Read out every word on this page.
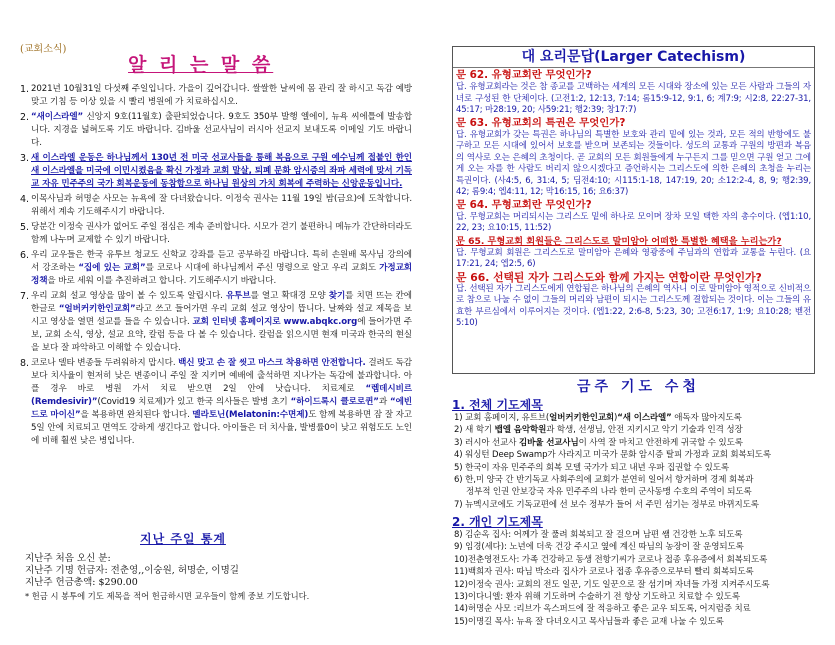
(교회소식)
알 리 는 말 씀
1. 2021년 10월31일 다섯째 주일입니다. 가을이 깊어갑니다. 쌀쌀한 날씨에 몸 관리 잘 하시고 독감 예방 맞고 기침 등 이상 있을 시 빨리 병원에 가 치료하십시오.
2. “새이스라엘” 신앙지 9호(11월호) 출판되었습니다. 9호도 350부 발행 엘에이, 뉴욕 씨에틀에 발송합니다. 지경을 넓혀도록 기도 바랍니다. 김바울 선교사님이 러시아 선교지 보내도록 이메일 기도 바랍니다.
3. 새 이스라엘 운동은 하나님께서 130년 전 미국 선교사들을 통해 복음으로 구원 예수님께 접붙인 한인 새 이스라엘을 미국에 이민시켰음을 확신 가정과 교회 말살, 퇴폐 문화 암시증의 좌파 세력에 맞서 기독교 자유 민주주의 국가 회복운동에 동참함으로 하나님 원상의 가치 회복에 주력하는 신앙운동입니다.
4. 이목사님과 허명순 사모는 뉴욕에 잘 다녀왔습니다. 이정숙 권사는 11월 19일 밤(금요)에 도착합니다. 위해서 계속 기도해주시기 바랍니다.
5. 당분간 이정숙 권사가 없어도 주일 점심은 계속 준비합니다. 시모가 걷기 불편하니 메뉴가 간단하더라도 함께 나누며 교제할 수 있기 바랍니다.
6. 우리 교우들은 한국 유투브 청교도 신학교 강좌를 듣고 공부하길 바랍니다. 특히 손원배 목사님 강의에서 강조하는 “집에 있는 교회”를 코로나 시대에 하나님께서 주신 명령으로 알고 우리 교회도 가정교회 정책을 바로 세워 이를 추진하려고 합니다. 기도해주시기 바랍니다.
7. 우리 교회 설교 영상을 많이 볼 수 있도록 알립시다. 유투브를 열고 확대경 모양 찾기를 치면 뜨는 칸에 한글로 “얼버커키한인교회”라고 쓰고 들어가면 우리 교회 설교 영상이 뜹니다. 날짜와 설교 제목을 보시고 영상을 열면 설교를 들을 수 있습니다. 교회 인터넷 홈페이지로 www.abqkc.org에 들어가면 주보, 교회 소식, 영상, 설교 요약, 칼럼 등을 다 볼 수 있습니다. 칼럼을 읽으시면 현재 미국과 한국의 현실을 보다 잘 파악하고 이해할 수 있습니다.
8. 코로나 델타 변종들 두려워하지 맙시다. 백신 맞고 손 잘 씻고 마스크 착용하면 안전합니다. 걸려도 독감보다 치사율이 현저히 낮은 변종이니 주일 잘 지키며 예배에 출석하면 지나가는 독감에 불과합니다. 아플 경우 바로 병원 가서 치료 받으면 2일 안에 낫습니다. 치료제로 “렘데시비르 (Remdesivir)”(Covid19 치료제)가 있고 한국 의사들은 발병 초기 “하이드록시 클로로퀸”과 “에빈드로 마이신”을 복용하면 완치된다 합니다. 멜라토닌(Melatonin:수면제)도 함께 복용하면 잠 잘 자고 5일 안에 치료되고 면역도 강하게 생긴다고 합니다. 아이들은 더 치사율, 발병률0이 낮고 위험도도 노인에 비해 훨씬 낮은 병입니다.
지난 주일 통계
지난주 처음 오신 분:
지난주 기명 헌금자: 전춘영,,이숭원, 허명순, 이명길
지난주 헌금총액: $290.00
* 헌금 시 봉투에 기도 제목을 적어 헌금하시면 교우들이 함께 중보 기도합니다.
대 요리문답(Larger Catechism)
문 62. 유형교회란 무엇인가?
답. 유형교회라는 것은 참 종교를 고백하는 세계의 모든 시대와 장소에 있는 모든 사람과 그들의 자녀로 구성된 한 단체이다. (고전1:2, 12:13, 7:14; 롬15:9-12, 9:1, 6; 계7:9; 시2:8, 22:27-31, 45:17; 마28:19, 20; 사59:21; 행2:39; 창17:7)
문 63. 유형교회의 특권은 무엇인가?
답. 유형교회가 갖는 특권은 하나님의 특별한 보호와 관리 밑에 있는 것과, 모든 적의 반항에도 불구하고 모든 시대에 있어서 보호를 받으며 보존되는 것들이다. 성도의 교통과 구원의 방편과 복음의 역사로 오는 은혜의 초청이다. 곧 교회의 모든 회원들에게 누구든지 그를 믿으면 구원 얻고 그에게 오는 자를 한 사람도 버리지 않으시겠다고 증언하시는 그리스도에 의한 은혜의 초청을 누리는 특권이다. (사4:5, 6, 31:4, 5; 딤전4:10; 시115:1-18, 147:19, 20; 소12:2-4, 8, 9; 행2:39, 42; 롬9:4; 엡4:11, 12; 막16:15, 16; 요6:37)
문 64. 무형교회란 무엇인가?
답. 무형교회는 머리되시는 그리스도 밑에 하나로 모이며 장차 모일 택한 자의 총수이다. (엡1:10, 22, 23; 요10:15, 11:52)
문 65. 무형교회 회원들은 그리스도로 말미암아 어떠한 특별한 혜택을 누리는가?
답. 무형교회 회원은 그리스도로 말미암아 은혜와 영광중에 주님과의 연합과 교통을 누린다. (요17:21, 24; 엡2:5, 6)
문 66. 선택된 자가 그리스도와 함께 가지는 연합이란 무엇인가?
답. 선택된 자가 그리스도에게 연합됨은 하나님의 은혜의 역사니 이로 말미암아 영적으로 신비적으로 참으로 나눌 수 없이 그들의 머리와 남편이 되시는 그리스도께 결합되는 것이다. 이는 그들의 유효한 부르심에서 이루어지는 것이다. (엡1:22, 2:6-8, 5:23, 30; 고전6:17, 1:9; 요10:28; 벧전5:10)
금주 기도 수첩
1. 전체 기도제목
1) 교회 홈페이지, 유트브(얼버커키한인교회)“새 이스라엘” 애독자 많아지도록
2) 새 학기 뱁엘 음악학원과 학생, 선생님, 안전 지키시고 악기 기술과 인격 성장
3) 러시아 선교사 김바울 선교사님이 사역 잘 마치고 안전하게 귀국할 수 있도록
4) 워싱턴 Deep Swamp가 사라지고 미국가 문화 암시증 탈피 가정과 교회 회복되도록
5) 한국이 자유 민주주의 회복 모델 국가가 되고 내년 우파 집권할 수 있도록
6) 한,미 양국 간 반기독교 사회주의에 교회가 분연히 일어서 항거하며 경제 회복과
정부적 인권 안보강국 자유 민주주의 나라 한미 군사동맹 수호의 주역이 되도록
7) 뉴멕시코에도 기독교편에 선 보수 정부가 들어 서 주민 섬기는 정부로 바뀌지도록
2. 개인 기도제목
8) 김순옥 집사: 어께가 잘 풀려 회복되고 잘 걸으며 남편 쌤 건강한 노후 되도록
9) 임경(세다): 노년에 더욱 건강 주시고 옆에 계신 따님의 농장이 잘 운영되도록
10)전춘영전도사: 가족 건강하고 동생 전항기씨가 코로나 접종 후유증에서 회복되도록
11)백희자 권사: 따님 박소라 집사가 코로나 접종 후유증으로부터 빨리 회복되도록
12)이정숙 권사: 교회의 전도 일꾼, 기도 일꾼으로 잘 섬기며 자녀들 가정 지켜주시도록
13)이다니엘: 환자 위해 기도하며 수술하기 전 항상 기도하고 치료할 수 있도록
14)허명순 사모 :리브가 옥스퍼드에 잘 적응하고 좋은 교우 되도록, 어지럼증 치료
15)이명길 목사: 뉴욕 잘 다녀오시고 목사님들과 좋은 교재 나눌 수 있도록
